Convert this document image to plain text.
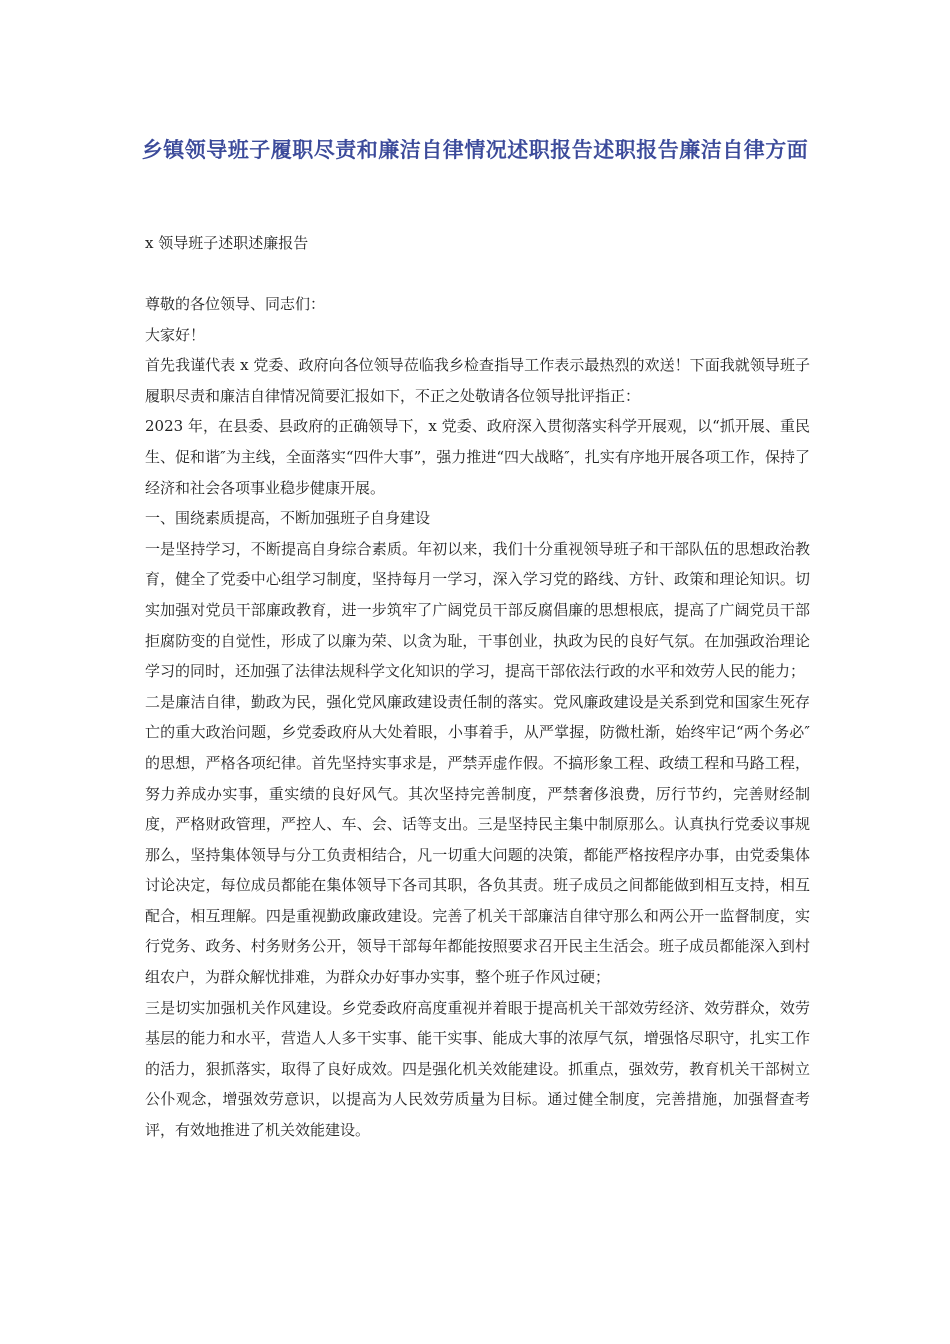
乡镇领导班子履职尽责和廉洁自律情况述职报告述职报告廉洁自律方面
x 领导班子述职述廉报告

尊敬的各位领导、同志们：

大家好！

首先我谨代表 x 党委、政府向各位领导莅临我乡检查指导工作表示最热烈的欢送！下面我就领导班子履职尽责和廉洁自律情况简要汇报如下，不正之处敬请各位领导批评指正：

2023 年，在县委、县政府的正确领导下，x 党委、政府深入贯彻落实科学开展观，以“抓开展、重民生、促和谐″为主线，全面落实“四件大事”，强力推进“四大战略″，扎实有序地开展各项工作，保持了经济和社会各项事业稳步健康开展。

一、围绕素质提高，不断加强班子自身建设

一是坚持学习，不断提高自身综合素质。年初以来，我们十分重视领导班子和干部队伍的思想政治教育，健全了党委中心组学习制度，坚持每月一学习，深入学习党的路线、方针、政策和理论知识。切实加强对党员干部廉政教育，进一步筑牢了广阔党员干部反腐倡廉的思想根底，提高了广阔党员干部拒腐防变的自觉性，形成了以廉为荣、以贪为耻，干事创业，执政为民的良好气氛。在加强政治理论学习的同时，还加强了法律法规科学文化知识的学习，提高干部依法行政的水平和效劳人民的能力；

二是廉洁自律，勤政为民，强化党风廉政建设责任制的落实。党风廉政建设是关系到党和国家生死存亡的重大政治问题，乡党委政府从大处着眼，小事着手，从严掌握，防微杜渐，始终牢记“两个务必″的思想，严格各项纪律。首先坚持实事求是，严禁弄虚作假。不搞形象工程、政绩工程和马路工程，努力养成办实事，重实绩的良好风气。其次坚持完善制度，严禁奢侈浪费，厉行节约，完善财经制度，严格财政管理，严控人、车、会、话等支出。三是坚持民主集中制原那么。认真执行党委议事规那么，坚持集体领导与分工负责相结合，凡一切重大问题的决策，都能严格按程序办事，由党委集体讨论决定，每位成员都能在集体领导下各司其职，各负其责。班子成员之间都能做到相互支持，相互配合，相互理解。四是重视勤政廉政建设。完善了机关干部廉洁自律守那么和两公开一监督制度，实行党务、政务、村务财务公开，领导干部每年都能按照要求召开民主生活会。班子成员都能深入到村组农户，为群众解忧排难，为群众办好事办实事，整个班子作风过硬；

三是切实加强机关作风建设。乡党委政府高度重视并着眼于提高机关干部效劳经济、效劳群众，效劳基层的能力和水平，营造人人多干实事、能干实事、能成大事的浓厚气氛，增强恪尽职守，扎实工作的活力，狠抓落实，取得了良好成效。四是强化机关效能建设。抓重点，强效劳，教育机关干部树立公仆观念，增强效劳意识，以提高为人民效劳质量为目标。通过健全制度，完善措施，加强督查考评，有效地推进了机关效能建设。
